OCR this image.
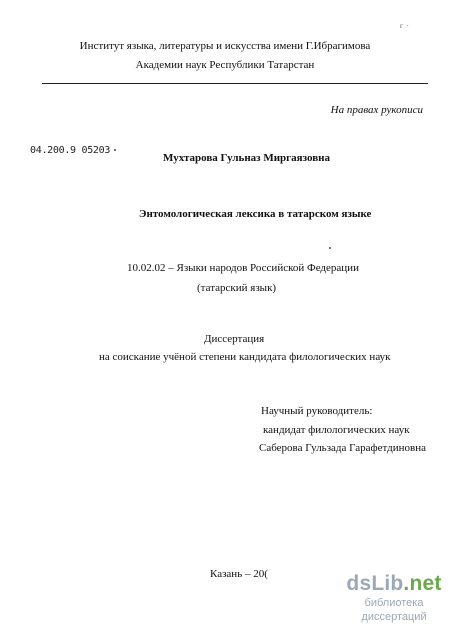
г ·
Институт языка, литературы и искусства имени Г.Ибрагимова
Академии наук Республики Татарстан
На правах рукописи
04.200.9 05203
Мухтарова Гульназ Миргаязовна
Энтомологическая лексика в татарском языке
10.02.02 – Языки народов Российской Федерации
(татарский язык)
Диссертация
на соискание учёной степени кандидата филологических наук
Научный руководитель:
кандидат филологических наук
Саберова Гульзада Гарафетдиновна
Казань – 20(	dsLib.net
библиотека диссертаций
